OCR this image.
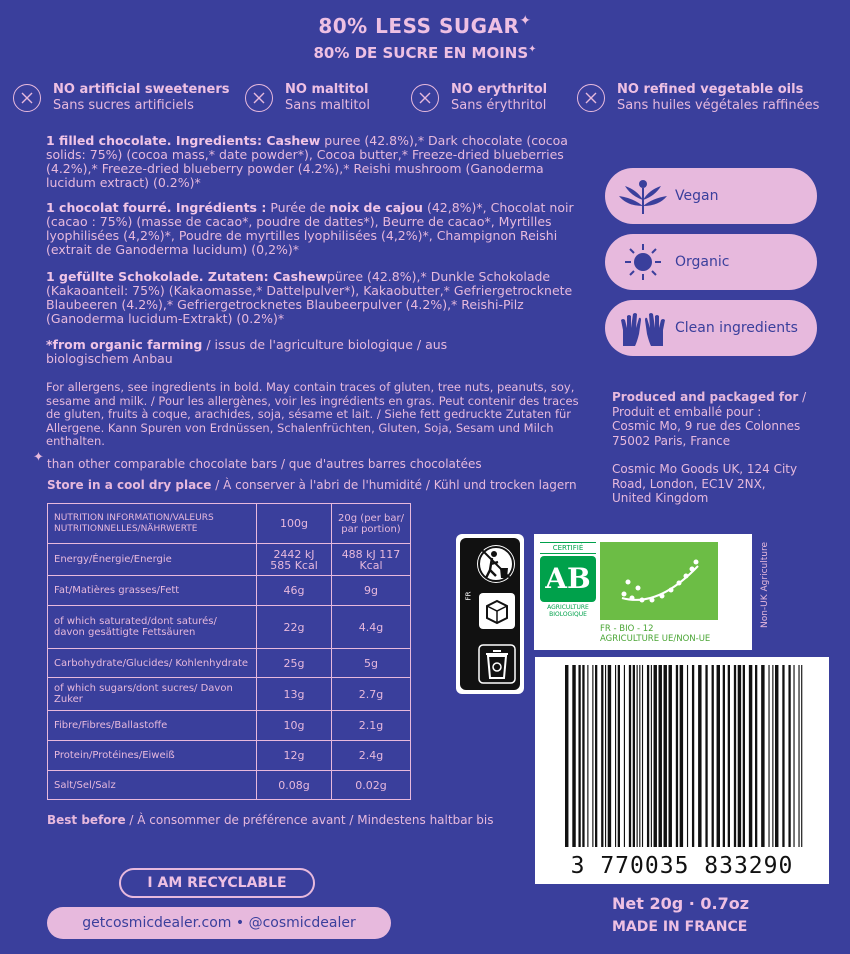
80% LESS SUGAR✦
80% DE SUCRE EN MOINS✦
NO artificial sweeteners
Sans sucres artificiels
NO maltitol
Sans maltitol
NO erythritol
Sans érythritol
NO refined vegetable oils
Sans huiles végétales raffinées
1 filled chocolate. Ingredients: Cashew puree (42.8%),* Dark chocolate (cocoa solids: 75%) (cocoa mass,* date powder*), Cocoa butter,* Freeze-dried blueberries (4.2%),* Freeze-dried blueberry powder (4.2%),* Reishi mushroom (Ganoderma lucidum extract) (0.2%)*
1 chocolat fourré. Ingrédients : Purée de noix de cajou (42,8%)*, Chocolat noir (cacao : 75%) (masse de cacao*, poudre de dattes*), Beurre de cacao*, Myrtilles lyophilisées (4,2%)*, Poudre de myrtilles lyophilisées (4,2%)*, Champignon Reishi (extrait de Ganoderma lucidum) (0,2%)*
1 gefüllte Schokolade. Zutaten: Cashewpüree (42.8%),* Dunkle Schokolade (Kakaoanteil: 75%) (Kakaomasse,* Dattelpulver*), Kakaobutter,* Gefriergetrocknete Blaubeeren (4.2%),* Gefriergetrocknetes Blaubeerpulver (4.2%),* Reishi-Pilz (Ganoderma lucidum-Extrakt) (0.2%)*
*from organic farming / issus de l'agriculture biologique / aus biologischem Anbau
For allergens, see ingredients in bold. May contain traces of gluten, tree nuts, peanuts, soy, sesame and milk. / Pour les allergènes, voir les ingrédients en gras. Peut contenir des traces de gluten, fruits à coque, arachides, soja, sésame et lait. / Siehe fett gedruckte Zutaten für Allergene. Kann Spuren von Erdnüssen, Schalenfrüchten, Gluten, Soja, Sesam und Milch enthalten.
✦ than other comparable chocolate bars / que d'autres barres chocolatées
Store in a cool dry place / À conserver à l'abri de l'humidité / Kühl und trocken lagern
Vegan
Organic
Clean ingredients
Produced and packaged for /
Produit et emballé pour :
Cosmic Mo, 9 rue des Colonnes
75002 Paris, France
Cosmic Mo Goods UK, 124 City
Road, London, EC1V 2NX,
United Kingdom
NUTRITION INFORMATION/VALEURS NUTRITIONNELLES/NÄHRWERTE	100g	20g (per bar/ par portion)
Energy/Énergie/Energie	2442 kJ 585 Kcal	488 kJ 117 Kcal
Fat/Matières grasses/Fett	46g	9g
of which saturated/dont saturés/ davon gesättigte Fettsäuren	22g	4.4g
Carbohydrate/Glucides/ Kohlenhydrate	25g	5g
of which sugars/dont sucres/ Davon Zuker	13g	2.7g
Fibre/Fibres/Ballastoffe	10g	2.1g
Protein/Protéines/Eiweiß	12g	2.4g
Salt/Sel/Salz	0.08g	0.02g
Best before / À consommer de préférence avant / Mindestens haltbar bis
FR
CERTIFIÉ
AB
AGRICULTURE
BIOLOGIQUE
FR - BIO - 12
AGRICULTURE UE/NON-UE
Non-UK Agriculture
3 770035 833290
I AM RECYCLABLE
getcosmicdealer.com • @cosmicdealer
Net 20g · 0.7oz
MADE IN FRANCE
